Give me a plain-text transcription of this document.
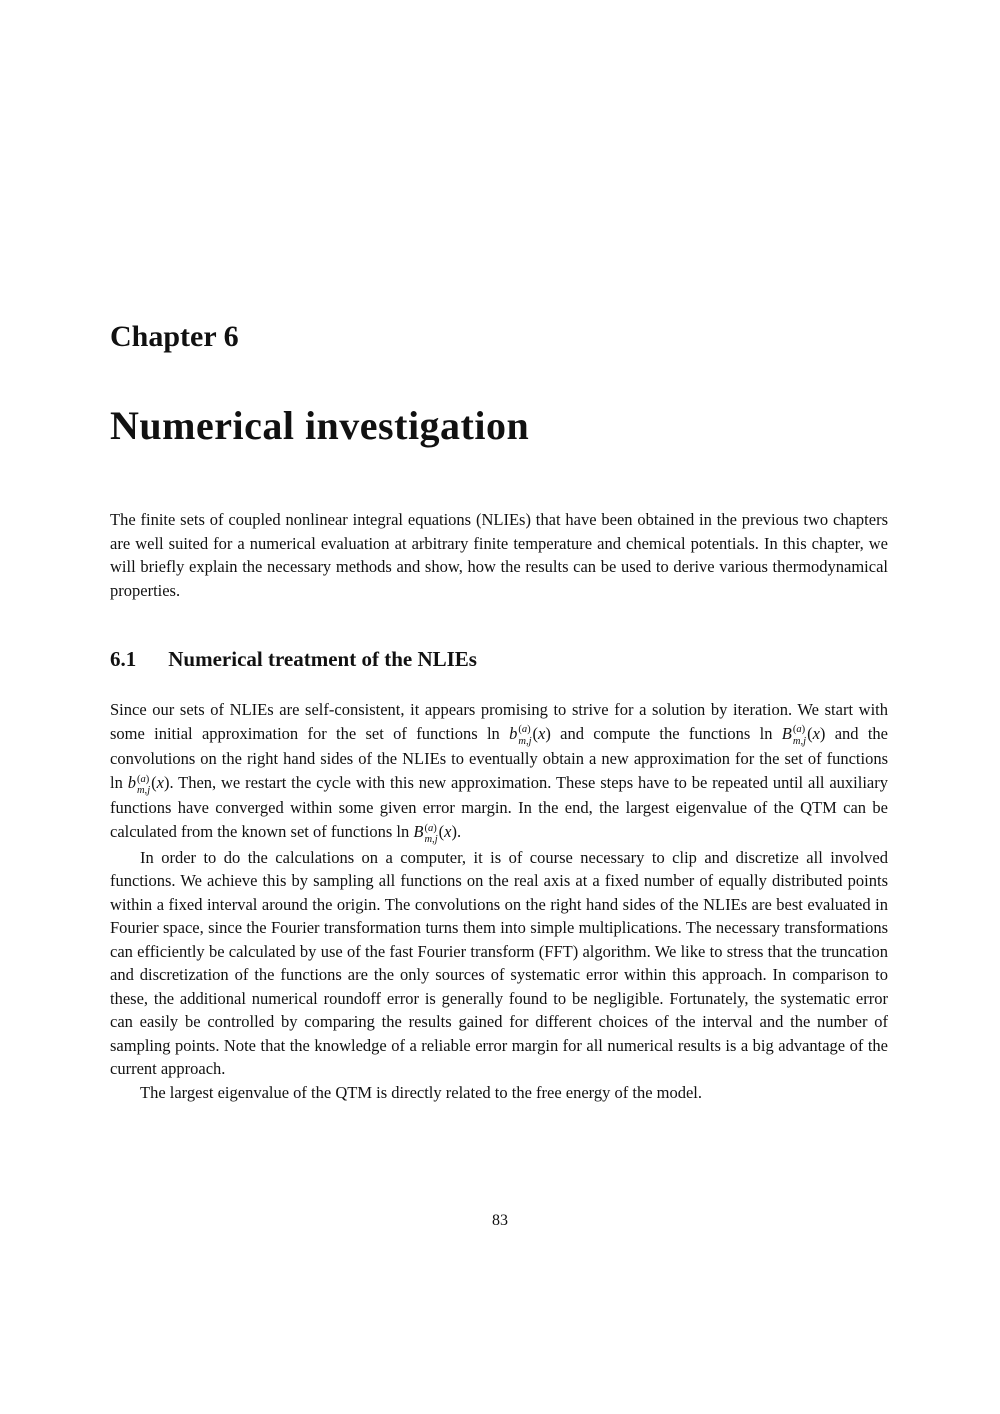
Chapter 6
Numerical investigation

The finite sets of coupled nonlinear integral equations (NLIEs) that have been obtained in the previous two chapters are well suited for a numerical evaluation at arbitrary finite temperature and chemical potentials. In this chapter, we will briefly explain the necessary methods and show, how the results can be used to derive various thermodynamical properties.

6.1 Numerical treatment of the NLIEs

Since our sets of NLIEs are self-consistent, it appears promising to strive for a solution by iteration. We start with some initial approximation for the set of functions ln b (a)
m,j (x) and compute the functions ln B (a)
m,j (x) and the convolutions on the right hand sides of the NLIEs to eventually obtain a new approximation for the set of functions ln b (a)
m,j (x). Then, we restart the cycle with this new approximation. These steps have to be repeated until all auxiliary functions have converged within some given error margin. In the end, the largest eigenvalue of the QTM can be calculated from the known set of functions ln B (a)
m,j (x).

In order to do the calculations on a computer, it is of course necessary to clip and discretize all involved functions. We achieve this by sampling all functions on the real axis at a fixed number of equally distributed points within a fixed interval around the origin. The convolutions on the right hand sides of the NLIEs are best evaluated in Fourier space, since the Fourier transformation turns them into simple multiplications. The necessary transformations can efficiently be calculated by use of the fast Fourier transform (FFT) algorithm. We like to stress that the truncation and discretization of the functions are the only sources of systematic error within this approach. In comparison to these, the additional numerical roundoff error is generally found to be negligible. Fortunately, the systematic error can easily be controlled by comparing the results gained for different choices of the interval and the number of sampling points. Note that the knowledge of a reliable error margin for all numerical results is a big advantage of the current approach.

The largest eigenvalue of the QTM is directly related to the free energy of the model.

83
